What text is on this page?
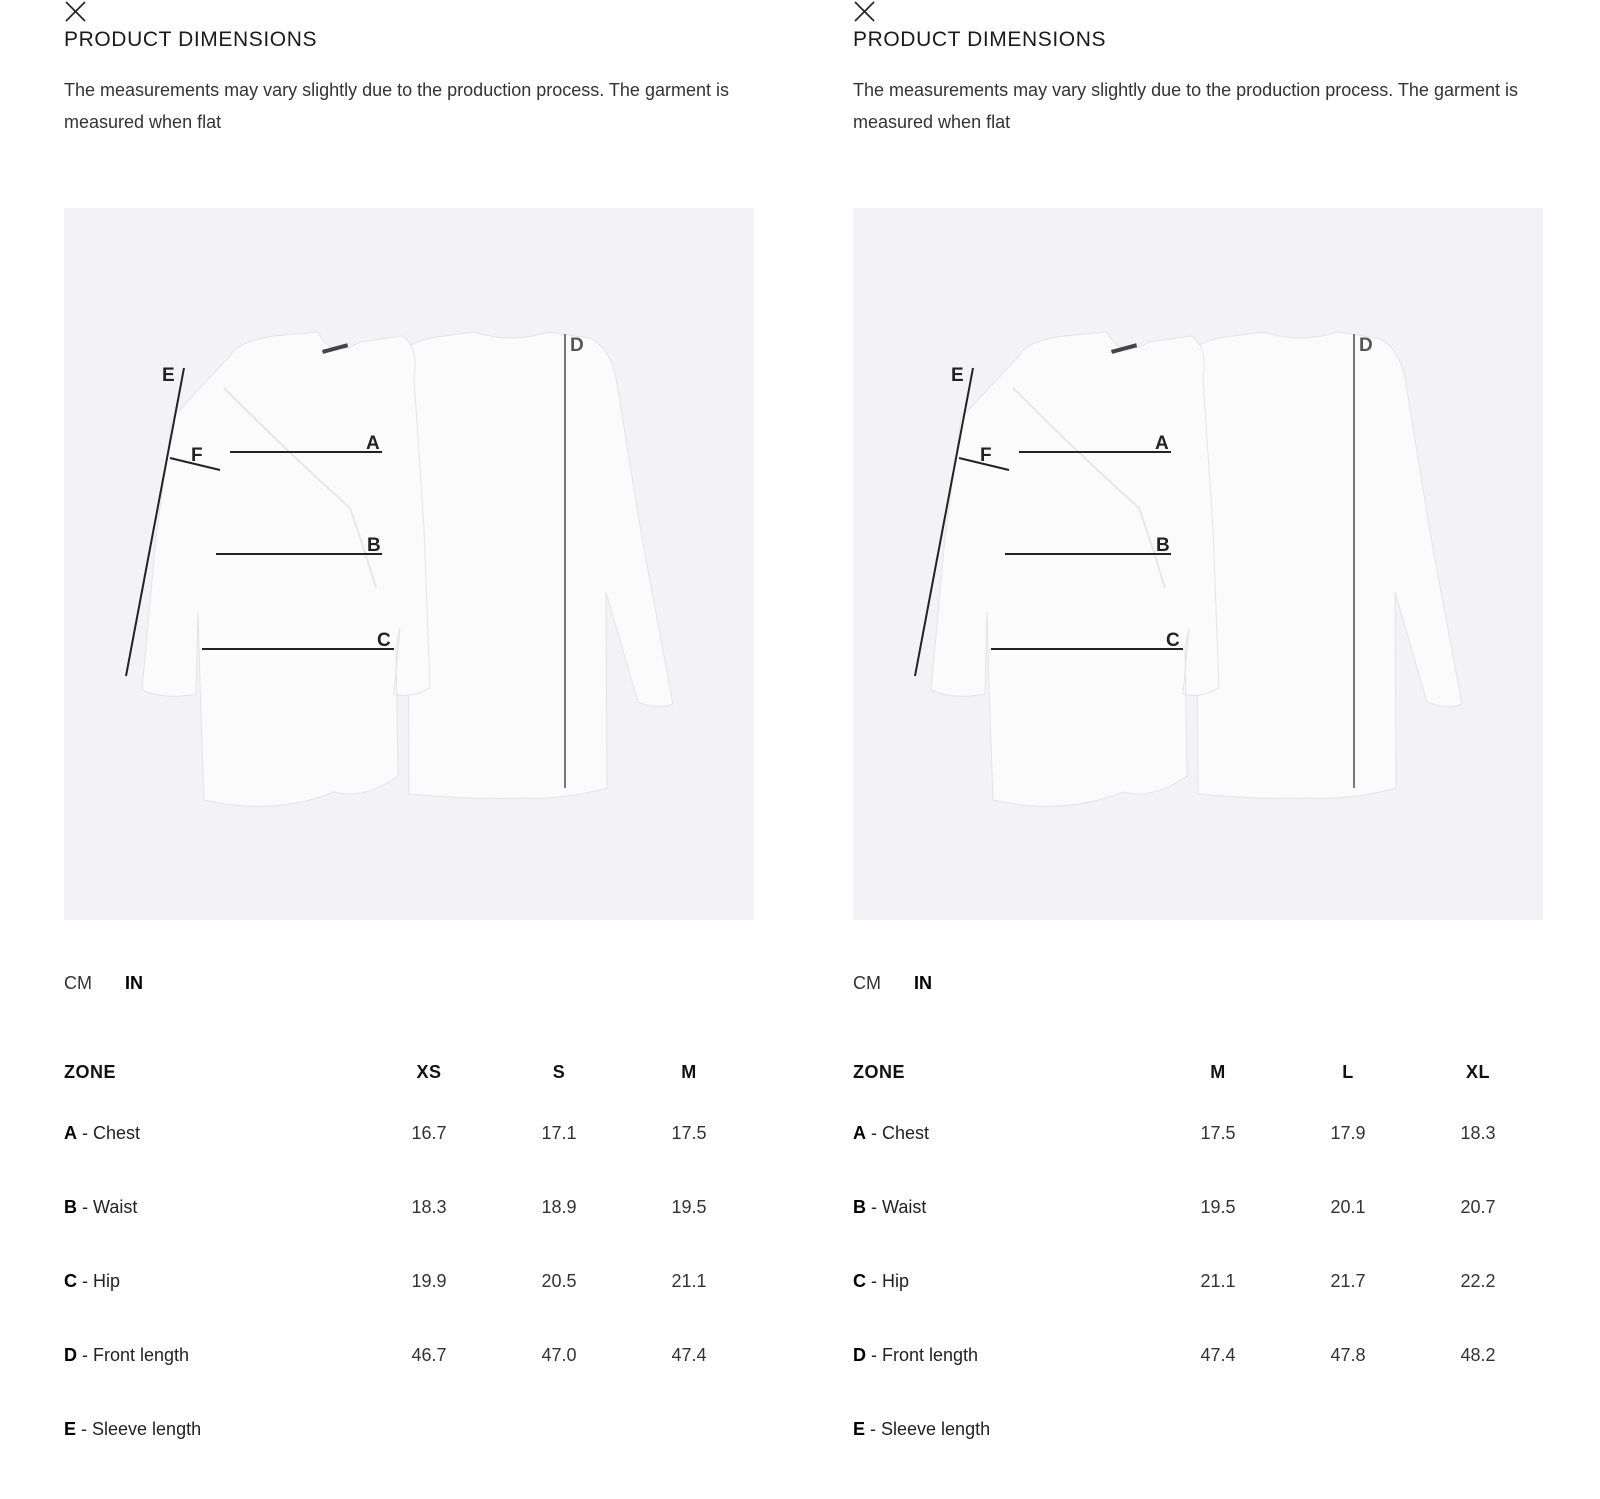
PRODUCT DIMENSIONS
The measurements may vary slightly due to the production process. The garment is measured when flat
E
F
A
B
C
D
CM IN
ZONE	XS	S	M
A - Chest	16.7	17.1	17.5
B - Waist	18.3	18.9	19.5
C - Hip	19.9	20.5	21.1
D - Front length	46.7	47.0	47.4
E - Sleeve length			
PRODUCT DIMENSIONS
The measurements may vary slightly due to the production process. The garment is measured when flat
E
F
A
B
C
D
CM IN
ZONE	M	L	XL
A - Chest	17.5	17.9	18.3
B - Waist	19.5	20.1	20.7
C - Hip	21.1	21.7	22.2
D - Front length	47.4	47.8	48.2
E - Sleeve length			
